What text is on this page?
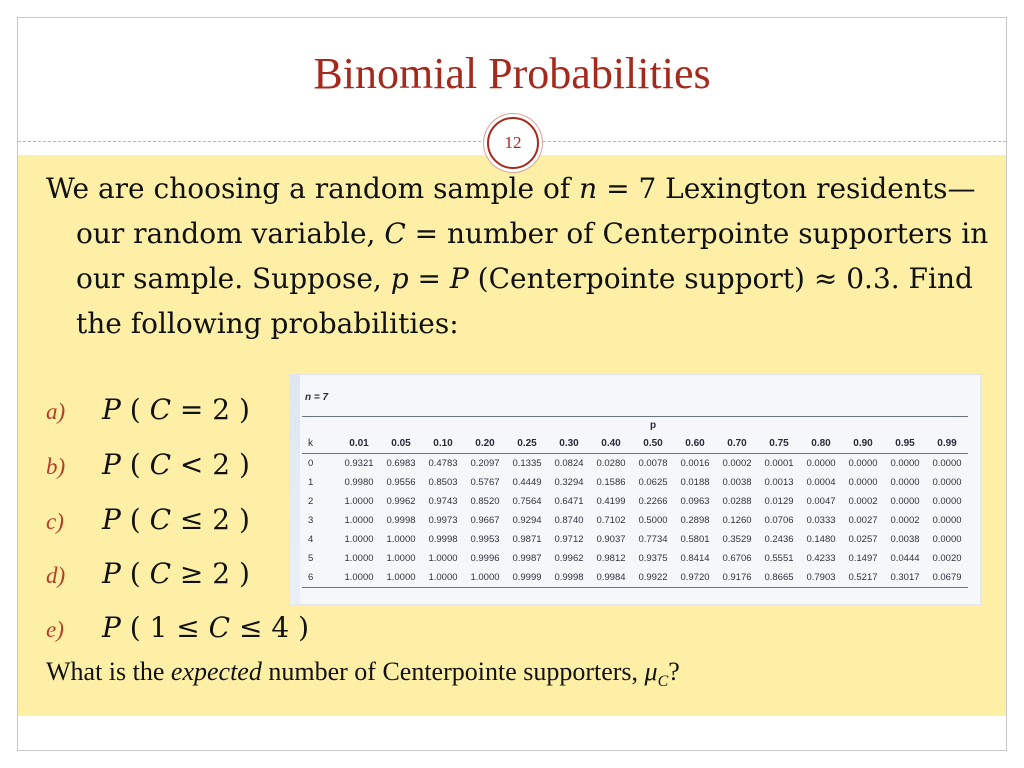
Binomial Probabilities
12
We are choosing a random sample of n = 7 Lexington residents—our random variable, C = number of Centerpointe supporters in our sample. Suppose, p = P (Centerpointe support) ≈ 0.3. Find the following probabilities:
a)	P ( C = 2 )
b)	P ( C < 2 )
c)	P ( C ≤ 2 )
d)	P ( C ≥ 2 )
e)	P ( 1 ≤ C ≤ 4 )
What is the expected number of Centerpointe supporters, $\mu_C$?
n = 7
	p														
k	0.01	0.05	0.10	0.20	0.25	0.30	0.40	0.50	0.60	0.70	0.75	0.80	0.90	0.95	0.99
0	0.9321	0.6983	0.4783	0.2097	0.1335	0.0824	0.0280	0.0078	0.0016	0.0002	0.0001	0.0000	0.0000	0.0000	0.0000
1	0.9980	0.9556	0.8503	0.5767	0.4449	0.3294	0.1586	0.0625	0.0188	0.0038	0.0013	0.0004	0.0000	0.0000	0.0000
2	1.0000	0.9962	0.9743	0.8520	0.7564	0.6471	0.4199	0.2266	0.0963	0.0288	0.0129	0.0047	0.0002	0.0000	0.0000
3	1.0000	0.9998	0.9973	0.9667	0.9294	0.8740	0.7102	0.5000	0.2898	0.1260	0.0706	0.0333	0.0027	0.0002	0.0000
4	1.0000	1.0000	0.9998	0.9953	0.9871	0.9712	0.9037	0.7734	0.5801	0.3529	0.2436	0.1480	0.0257	0.0038	0.0000
5	1.0000	1.0000	1.0000	0.9996	0.9987	0.9962	0.9812	0.9375	0.8414	0.6706	0.5551	0.4233	0.1497	0.0444	0.0020
6	1.0000	1.0000	1.0000	1.0000	0.9999	0.9998	0.9984	0.9922	0.9720	0.9176	0.8665	0.7903	0.5217	0.3017	0.0679
